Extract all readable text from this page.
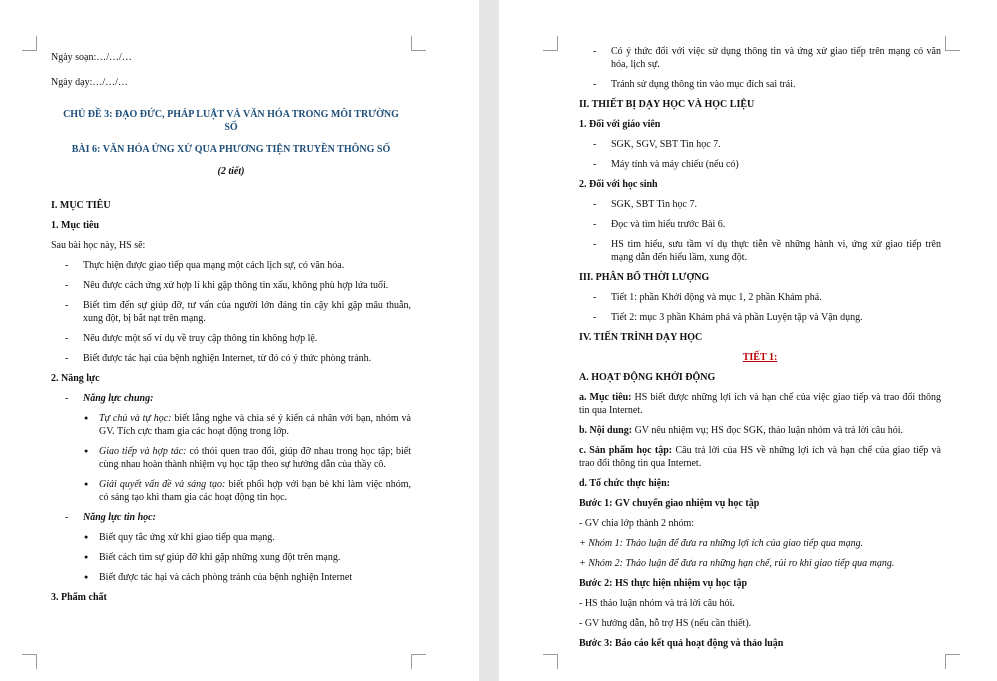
Ngày soạn:…/…/…

Ngày dạy:…/…/…

CHỦ ĐỀ 3: ĐẠO ĐỨC, PHÁP LUẬT VÀ VĂN HÓA TRONG MÔI TRƯỜNG SỐ

BÀI 6: VĂN HÓA ỨNG XỬ QUA PHƯƠNG TIỆN TRUYỀN THÔNG SỐ

(2 tiết)

I. MỤC TIÊU

1. Mục tiêu

Sau bài học này, HS sẽ:

- Thực hiện được giao tiếp qua mạng một cách lịch sự, có văn hóa.
- Nêu được cách ứng xử hợp lí khi gặp thông tin xấu, không phù hợp lứa tuổi.
- Biết tìm đến sự giúp đỡ, tư vấn của người lớn đáng tin cậy khi gặp mâu thuẫn, xung đột, bị bắt nạt trên mạng.
- Nêu được một số ví dụ về truy cập thông tin không hợp lệ.
- Biết được tác hại của bệnh nghiện Internet, từ đó có ý thức phòng tránh.

2. Năng lực

- Năng lực chung:
● Tự chủ và tự học: biết lắng nghe và chia sẻ ý kiến cá nhân với bạn, nhóm và GV. Tích cực tham gia các hoạt động trong lớp.
● Giao tiếp và hợp tác: có thói quen trao đổi, giúp đỡ nhau trong học tập; biết cùng nhau hoàn thành nhiệm vụ học tập theo sự hướng dẫn của thầy cô.
● Giải quyết vấn đề và sáng tạo: biết phối hợp với bạn bè khi làm việc nhóm, có sáng tạo khi tham gia các hoạt động tin học.
- Năng lực tin học:
● Biết quy tắc ứng xử khi giao tiếp qua mạng.
● Biết cách tìm sự giúp đỡ khi gặp những xung đột trên mạng.
● Biết được tác hại và cách phòng tránh của bệnh nghiện Internet

3. Phẩm chất

- Có ý thức đối với việc sử dụng thông tin và ứng xử giao tiếp trên mạng có văn hóa, lịch sự.
- Tránh sử dụng thông tin vào mục đích sai trái.

II. THIẾT BỊ DẠY HỌC VÀ HỌC LIỆU

1. Đối với giáo viên

- SGK, SGV, SBT Tin học 7.
- Máy tính và máy chiếu (nếu có)

2. Đối với học sinh

- SGK, SBT Tin học 7.
- Đọc và tìm hiểu trước Bài 6.
- HS tìm hiểu, sưu tầm ví dụ thực tiễn về những hành vi, ứng xử giao tiếp trên mạng dẫn đến hiểu lầm, xung đột.

III. PHÂN BỔ THỜI LƯỢNG

- Tiết 1: phần Khởi động và mục 1, 2 phần Khám phá.
- Tiết 2: mục 3 phần Khám phá và phần Luyện tập và Vận dụng.

IV. TIẾN TRÌNH DẠY HỌC

TIẾT 1:

A. HOẠT ĐỘNG KHỞI ĐỘNG

a. Mục tiêu: HS biết được những lợi ích và hạn chế của việc giao tiếp và trao đổi thông tin qua Internet.

b. Nội dung: GV nêu nhiệm vụ; HS đọc SGK, thảo luận nhóm và trả lời câu hỏi.

c. Sản phẩm học tập: Câu trả lời của HS về những lợi ích và hạn chế của giao tiếp và trao đổi thông tin qua Internet.

d. Tổ chức thực hiện:

Bước 1: GV chuyển giao nhiệm vụ học tập

- GV chia lớp thành 2 nhóm:

+ Nhóm 1: Thảo luận để đưa ra những lợi ích của giao tiếp qua mạng.

+ Nhóm 2: Thảo luận để đưa ra những hạn chế, rủi ro khi giao tiếp qua mạng.

Bước 2: HS thực hiện nhiệm vụ học tập

- HS thảo luận nhóm và trả lời câu hỏi.

- GV hướng dẫn, hỗ trợ HS (nếu cần thiết).

Bước 3: Báo cáo kết quả hoạt động và thảo luận
